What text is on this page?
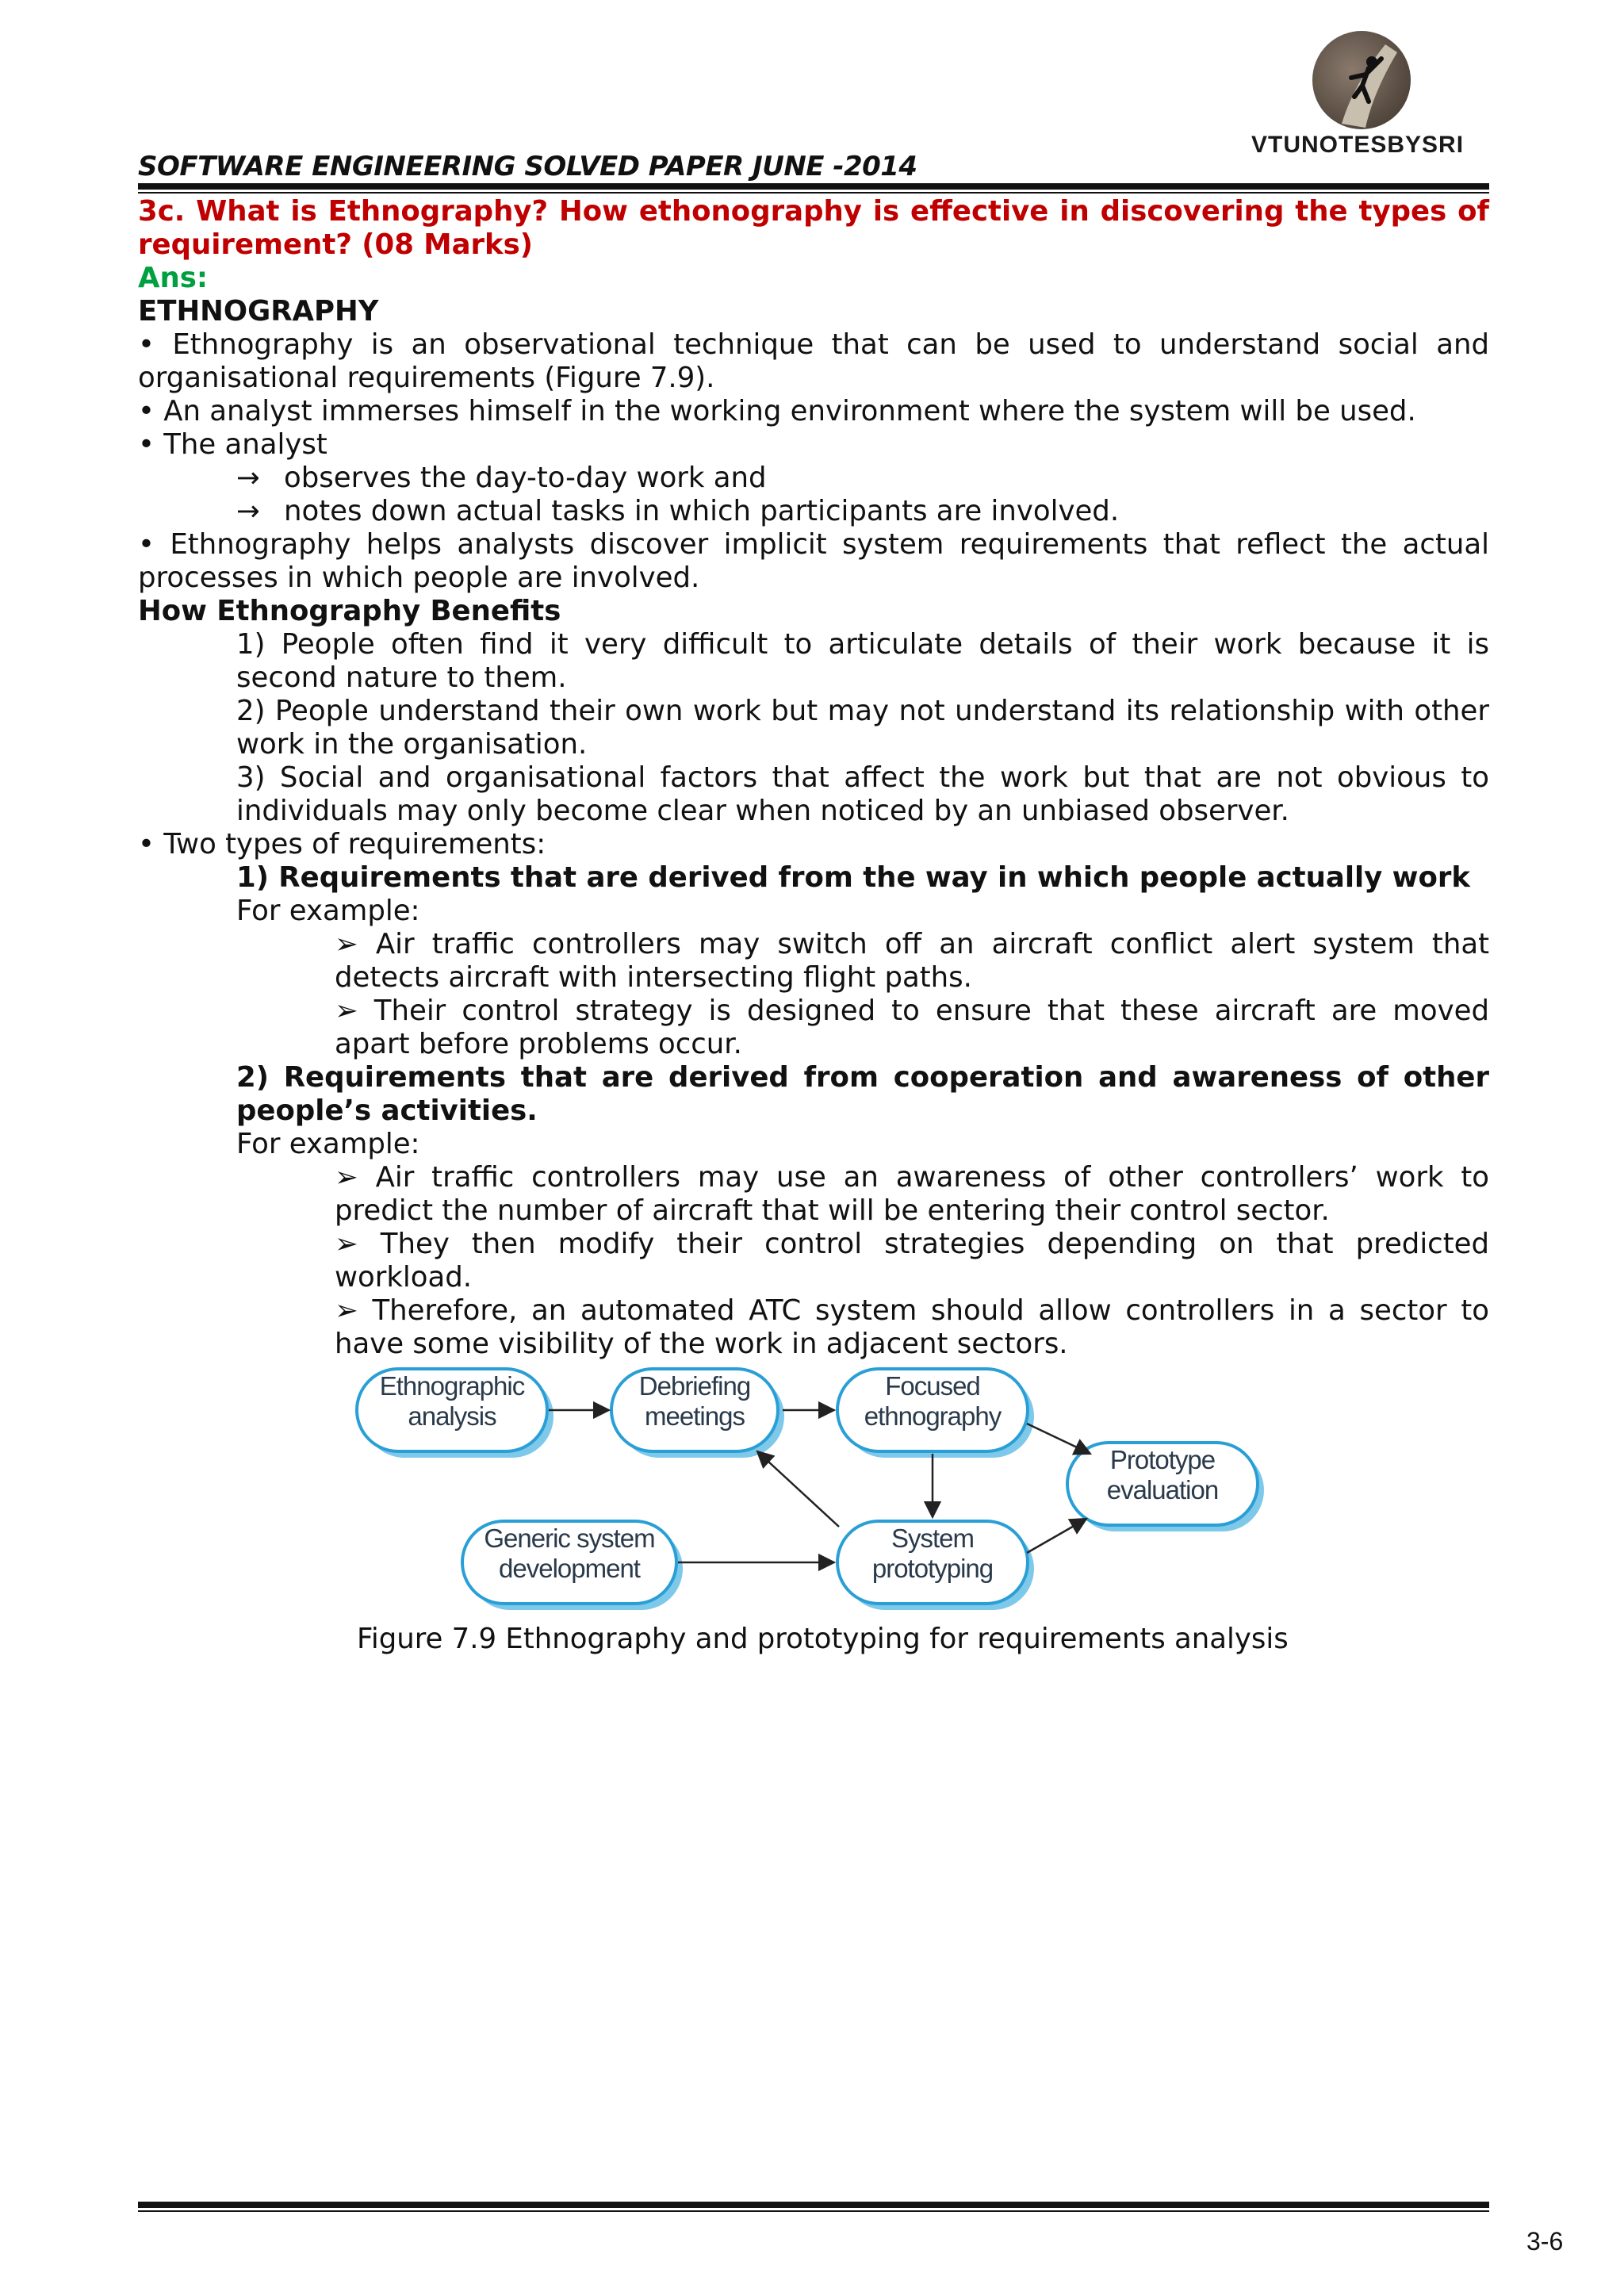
VTUNOTESBYSRI
SOFTWARE ENGINEERING SOLVED PAPER JUNE -2014
3c. What is Ethnography? How ethonography is effective in discovering the types of requirement? (08 Marks)
Ans:
ETHNOGRAPHY
• Ethnography is an observational technique that can be used to understand social and organisational requirements (Figure 7.9).
• An analyst immerses himself in the working environment where the system will be used.
• The analyst
→ observes the day-to-day work and
→ notes down actual tasks in which participants are involved.
• Ethnography helps analysts discover implicit system requirements that reflect the actual processes in which people are involved.
How Ethnography Benefits
1) People often find it very difficult to articulate details of their work because it is second nature to them.
2) People understand their own work but may not understand its relationship with other work in the organisation.
3) Social and organisational factors that affect the work but that are not obvious to individuals may only become clear when noticed by an unbiased observer.
• Two types of requirements:
1) Requirements that are derived from the way in which people actually work
For example:
➢ Air traffic controllers may switch off an aircraft conflict alert system that detects aircraft with intersecting flight paths.
➢ Their control strategy is designed to ensure that these aircraft are moved apart before problems occur.
2) Requirements that are derived from cooperation and awareness of other people’s activities.
For example:
➢ Air traffic controllers may use an awareness of other controllers’ work to predict the number of aircraft that will be entering their control sector.
➢ They then modify their control strategies depending on that predicted workload.
➢ Therefore, an automated ATC system should allow controllers in a sector to have some visibility of the work in adjacent sectors.
Ethnographic
analysis
Debriefing
meetings
Focused
ethnography
Prototype
evaluation
Generic system
development
System
prototyping
Figure 7.9 Ethnography and prototyping for requirements analysis
3-6
